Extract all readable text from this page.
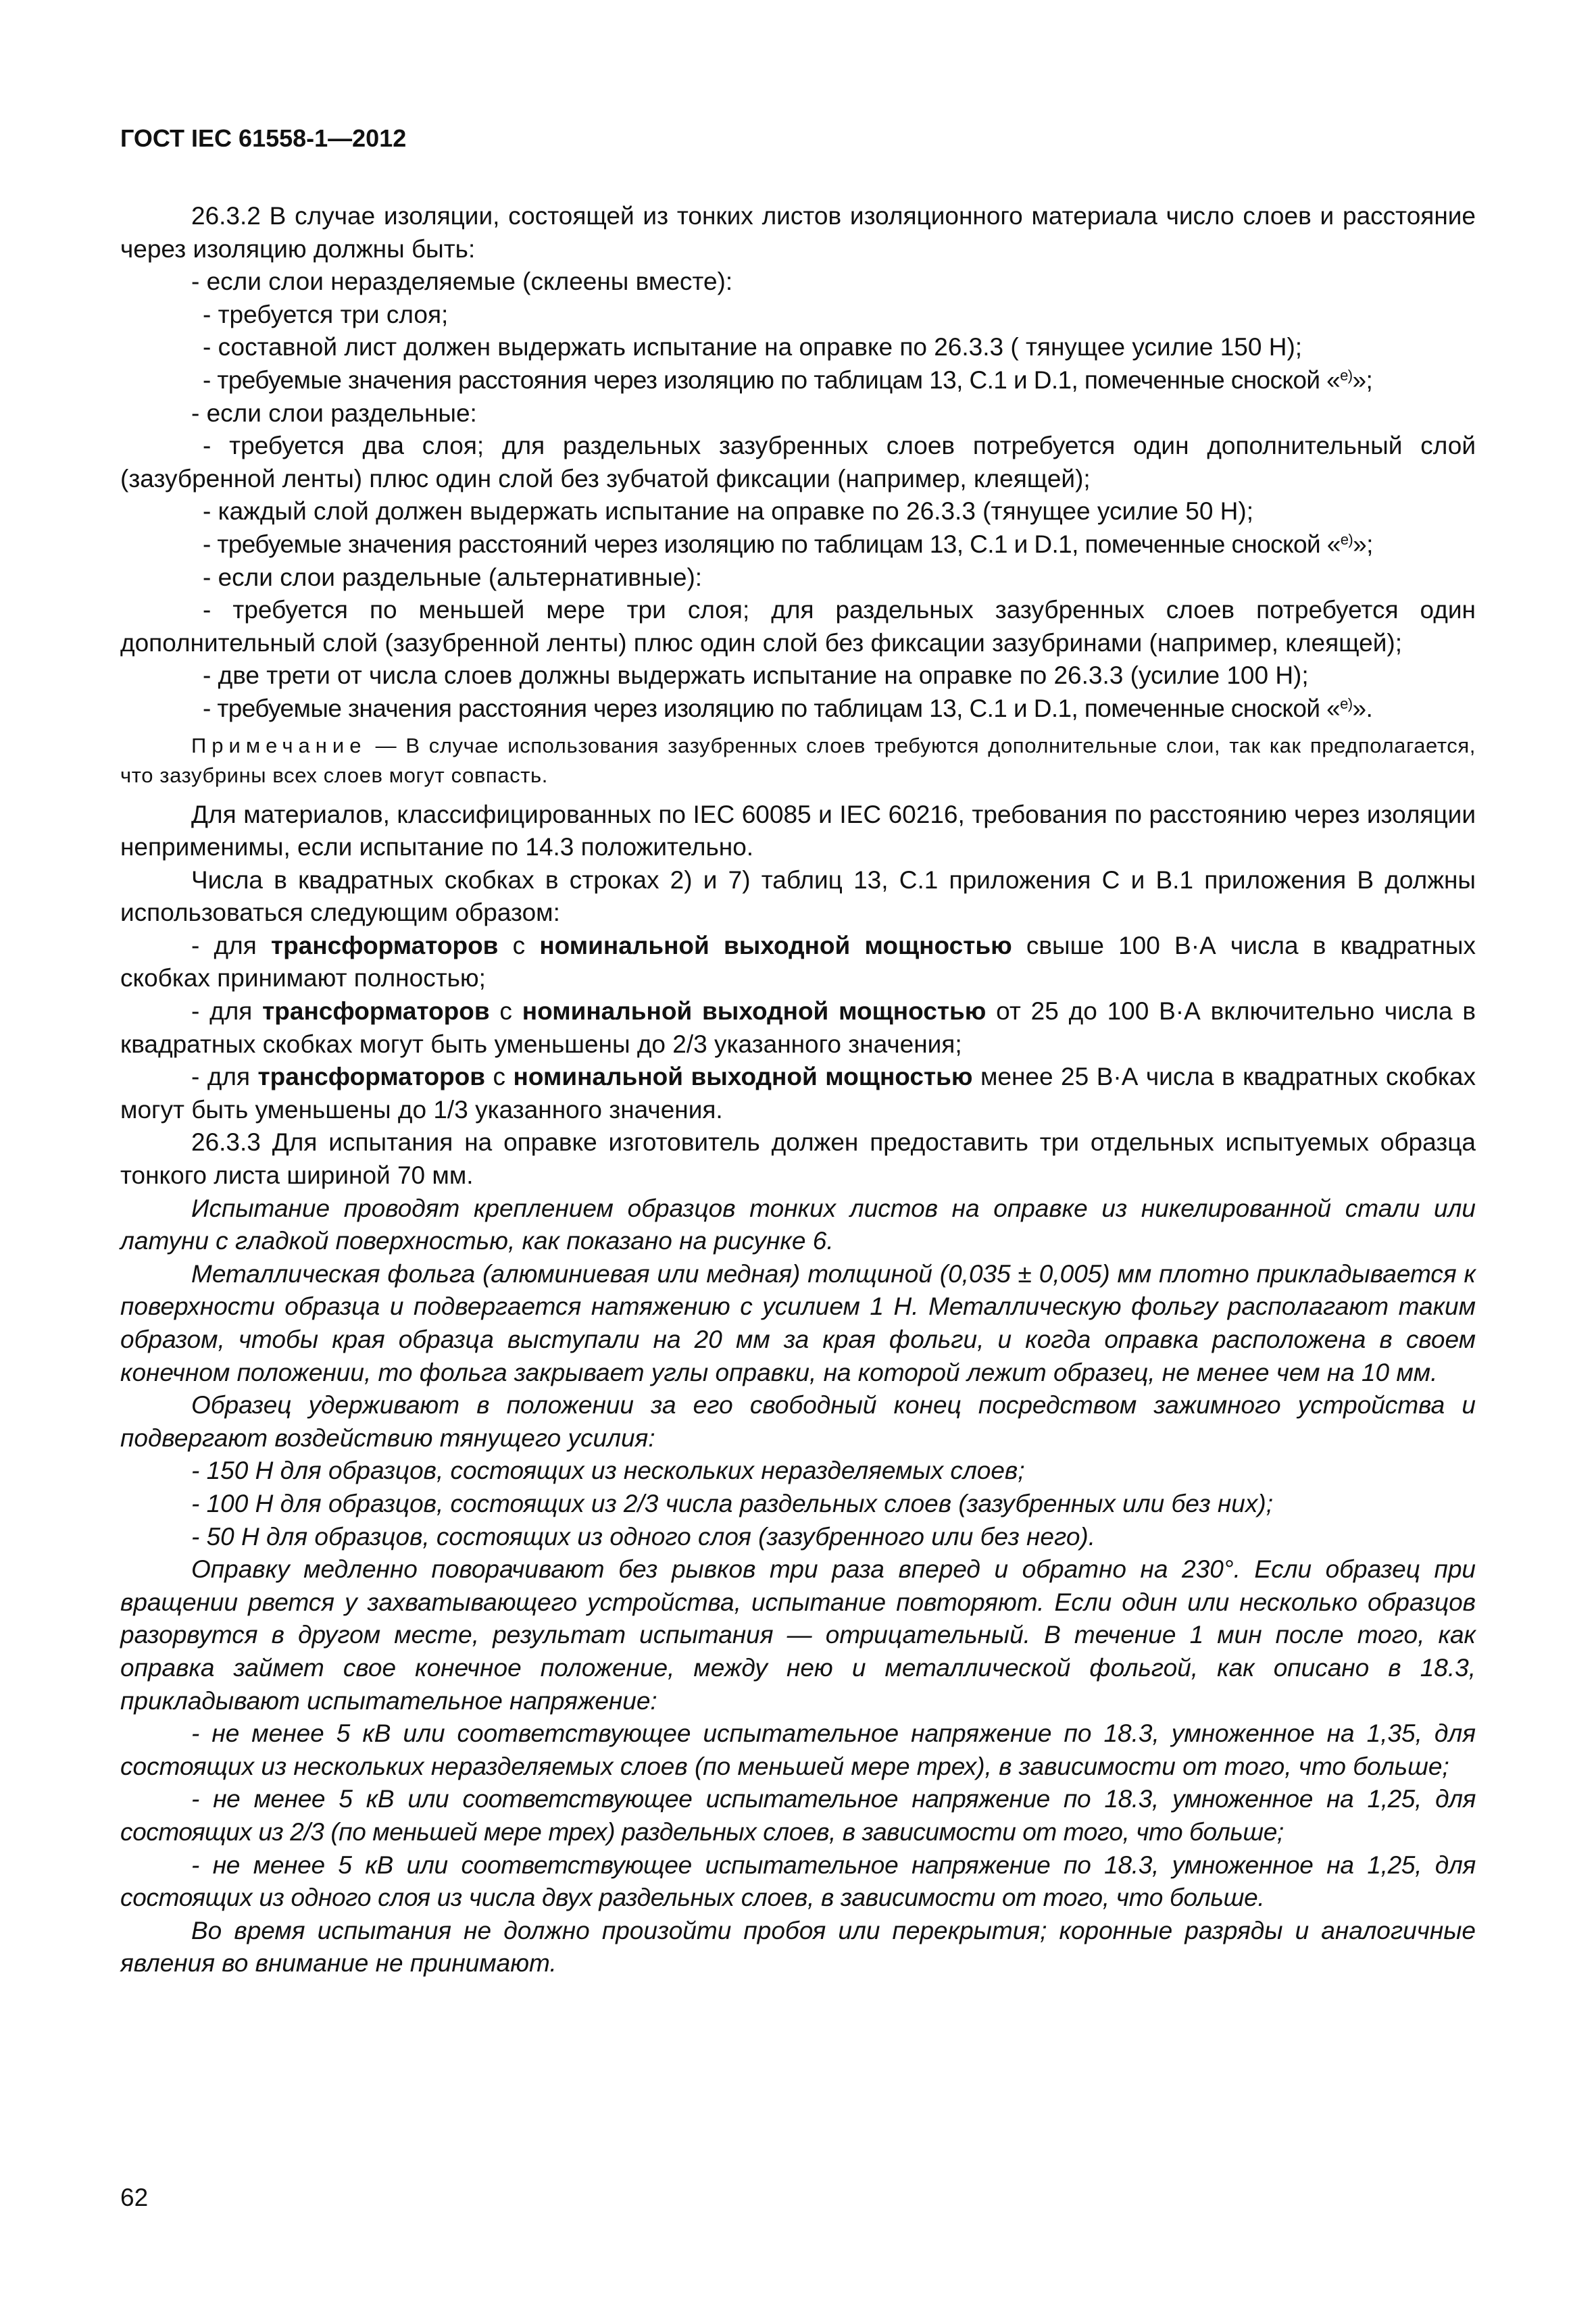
ГОСТ IEC 61558-1—2012

26.3.2 В случае изоляции, состоящей из тонких листов изоляционного материала число слоев и расстояние через изоляцию должны быть:

- если слои неразделяемые (склеены вместе):

- требуется три слоя;

- составной лист должен выдержать испытание на оправке по 26.3.3 ( тянущее усилие 150 Н);

- требуемые значения расстояния через изоляцию по таблицам 13, С.1 и D.1, помеченные сноской «$^{е)}$»;

- если слои раздельные:

- требуется два слоя; для раздельных зазубренных слоев потребуется один дополнительный слой (зазубренной ленты) плюс один слой без зубчатой фиксации (например, клеящей);

- каждый слой должен выдержать испытание на оправке по 26.3.3 (тянущее усилие 50 Н);

- требуемые значения расстояний через изоляцию по таблицам 13, С.1 и D.1, помеченные сноской «$^{е)}$»;

- если слои раздельные (альтернативные):

- требуется по меньшей мере три слоя; для раздельных зазубренных слоев потребуется один дополнительный слой (зазубренной ленты) плюс один слой без фиксации зазубринами (например, клеящей);

- две трети от числа слоев должны выдержать испытание на оправке по 26.3.3 (усилие 100 Н);

- требуемые значения расстояния через изоляцию по таблицам 13, С.1 и D.1, помеченные сноской «$^{е)}$».

Примечание — В случае использования зазубренных слоев требуются дополнительные слои, так как предполагается, что зазубрины всех слоев могут совпасть.

Для материалов, классифицированных по IEC 60085 и IEC 60216, требования по расстоянию через изоляции неприменимы, если испытание по 14.3 положительно.

Числа в квадратных скобках в строках 2) и 7) таблиц 13, С.1 приложения С и В.1 приложения В должны использоваться следующим образом:

- для трансформаторов с номинальной выходной мощностью свыше 100 В·А числа в квадратных скобках принимают полностью;

- для трансформаторов с номинальной выходной мощностью от 25 до 100 В·А включительно числа в квадратных скобках могут быть уменьшены до 2/3 указанного значения;

- для трансформаторов с номинальной выходной мощностью менее 25 В·А числа в квадратных скобках могут быть уменьшены до 1/3 указанного значения.

26.3.3 Для испытания на оправке изготовитель должен предоставить три отдельных испытуемых образца тонкого листа шириной 70 мм.

Испытание проводят креплением образцов тонких листов на оправке из никелированной стали или латуни с гладкой поверхностью, как показано на рисунке 6.

Металлическая фольга (алюминиевая или медная) толщиной (0,035 ± 0,005) мм плотно прикладывается к поверхности образца и подвергается натяжению с усилием 1 Н. Металлическую фольгу располагают таким образом, чтобы края образца выступали на 20 мм за края фольги, и когда оправка расположена в своем конечном положении, то фольга закрывает углы оправки, на которой лежит образец, не менее чем на 10 мм.

Образец удерживают в положении за его свободный конец посредством зажимного устройства и подвергают воздействию тянущего усилия:

- 150 Н для образцов, состоящих из нескольких неразделяемых слоев;

- 100 Н для образцов, состоящих из 2/3 числа раздельных слоев (зазубренных или без них);

- 50 Н для образцов, состоящих из одного слоя (зазубренного или без него).

Оправку медленно поворачивают без рывков три раза вперед и обратно на 230°. Если образец при вращении рвется у захватывающего устройства, испытание повторяют. Если один или несколько образцов разорвутся в другом месте, результат испытания — отрицательный. В течение 1 мин после того, как оправка займет свое конечное положение, между нею и металлической фольгой, как описано в 18.3, прикладывают испытательное напряжение:

- не менее 5 кВ или соответствующее испытательное напряжение по 18.3, умноженное на 1,35, для состоящих из нескольких неразделяемых слоев (по меньшей мере трех), в зависимости от того, что больше;

- не менее 5 кВ или соответствующее испытательное напряжение по 18.3, умноженное на 1,25, для состоящих из 2/3 (по меньшей мере трех) раздельных слоев, в зависимости от того, что больше;

- не менее 5 кВ или соответствующее испытательное напряжение по 18.3, умноженное на 1,25, для состоящих из одного слоя из числа двух раздельных слоев, в зависимости от того, что больше.

Во время испытания не должно произойти пробоя или перекрытия; коронные разряды и аналогичные явления во внимание не принимают.

62
